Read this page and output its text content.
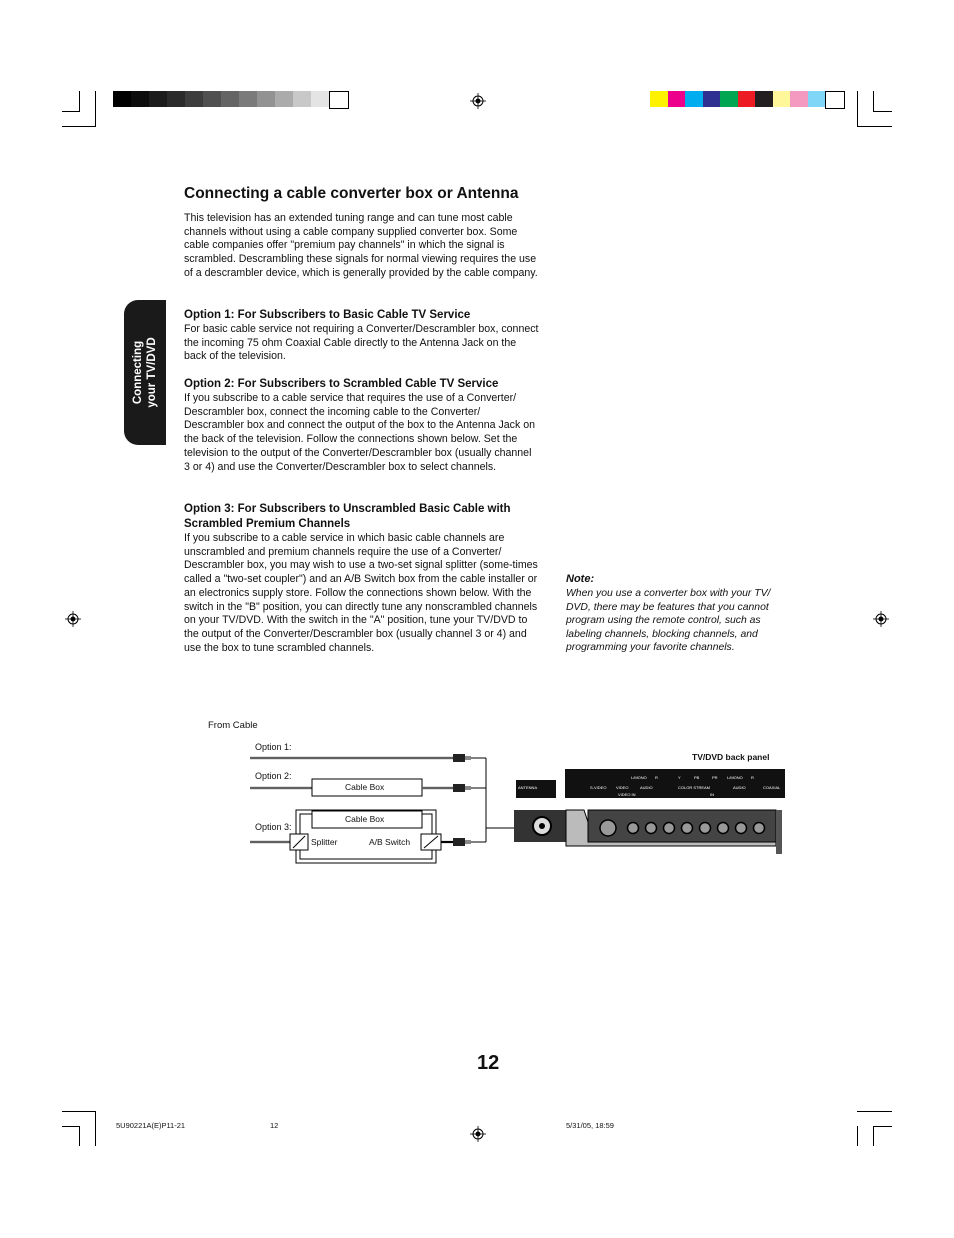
Connecting your TV/DVD
Connecting a cable converter box or Antenna

This television has an extended tuning range and can tune most cable channels without using a cable company supplied converter box. Some cable companies offer "premium pay channels" in which the signal is scrambled. Descrambling these signals for normal viewing requires the use of a descrambler device, which is generally provided by the cable company.

Option 1: For Subscribers to Basic Cable TV Service

For basic cable service not requiring a Converter/Descrambler box, connect the incoming 75 ohm Coaxial Cable directly to the Antenna Jack on the back of the television.

Option 2: For Subscribers to Scrambled Cable TV Service

If you subscribe to a cable service that requires the use of a Converter/ Descrambler box, connect the incoming cable to the Converter/ Descrambler box and connect the output of the box to the Antenna Jack on the back of the television. Follow the connections shown below. Set the television to the output of the Converter/Descrambler box (usually channel 3 or 4) and use the Converter/Descrambler box to select channels.

Option 3: For Subscribers to Unscrambled Basic Cable with Scrambled Premium Channels

If you subscribe to a cable service in which basic cable channels are unscrambled and premium channels require the use of a Converter/ Descrambler box, you may wish to use a two-set signal splitter (some-times called a "two-set coupler") and an A/B Switch box from the cable installer or an electronics supply store. Follow the connections shown below. With the switch in the "B" position, you can directly tune any nonscrambled channels on your TV/DVD. With the switch in the "A" position, tune your TV/DVD to the output of the Converter/Descrambler box (usually channel 3 or 4) and use the box to tune scrambled channels.

Note:

When you use a converter box with your TV/ DVD, there may be features that you cannot program using the remote control, such as labeling channels, blocking channels, and programming your favorite channels.

From Cable
Option 1:
Option 2:
Option 3:
TV/DVD back panel
Cable Box
Cable Box
Splitter	A/B Switch
ANTENNA	S-VIDEO VIDEO
L/MONO R
AUDIO
VIDEO IN
Y	PB	PR L/MONO R
COLOR STREAM	AUDIO
IN
COAXIAL
12
5U90221A(E)P11-21	12	5/31/05, 18:59
